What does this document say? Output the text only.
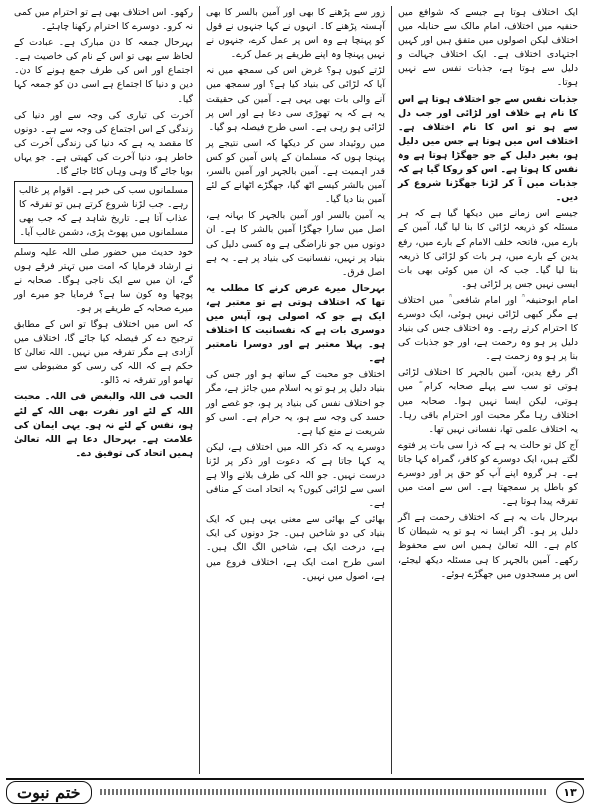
ایک اختلاف ہوتا ہے جیسے کہ شوافع میں حنفیہ میں اختلاف، امام مالک سے حنابلہ میں اختلاف لیکن اصولوں میں متفق ہیں اور کہیں اجتہادی اختلاف ہے۔ ایک اختلاف جہالت و دلیل سے ہوتا ہے، جذبات نفس سے نہیں ہوتا۔

جذبات نفس سے جو اختلاف ہوتا ہے اس کا نام ہے خلاف اور لڑائی اور جب دل سے ہو تو اس کا نام اختلاف ہے۔ اختلاف اس میں ہوتا ہے جس میں دلیل ہو، بغیر دلیل کے جو جھگڑا ہوتا ہے وہ نفس کا ہوتا ہے۔ اس کو روکا گیا ہے کہ جذبات میں آ کر لڑنا جھگڑنا شروع کر دیں۔

جیسے اس زمانے میں دیکھا گیا ہے کہ ہر مسئلہ کو ذریعہ لڑائی کا بنا لیا گیا، آمین کے بارے میں، فاتحہ خلف الامام کے بارے میں، رفع یدین کے بارے میں، ہر بات کو لڑائی کا ذریعہ بنا لیا گیا۔ جب کہ ان میں کوئی بھی بات ایسی نہیں جس پر لڑائی ہو۔

امام ابوحنیفہ ؒ اور امام شافعی ؒ میں اختلاف ہے مگر کبھی لڑائی نہیں ہوئی، ایک دوسرے کا احترام کرتے رہے۔ وہ اختلاف جس کی بنیاد دلیل پر ہو وہ رحمت ہے، اور جو جذبات کی بنا پر ہو وہ زحمت ہے۔

اگر رفع یدین، آمین بالجہر کا اختلاف لڑائی ہوتی تو سب سے پہلے صحابہ کرام ؓ میں ہوتی، لیکن ایسا نہیں ہوا۔ صحابہ میں اختلاف رہا مگر محبت اور احترام باقی رہا۔ یہ اختلاف علمی تھا، نفسانی نہیں تھا۔

آج کل تو حالت یہ ہے کہ ذرا سی بات پر فتوے لگتے ہیں، ایک دوسرے کو کافر، گمراہ کہا جاتا ہے۔ ہر گروہ اپنے آپ کو حق پر اور دوسرے کو باطل پر سمجھتا ہے۔ اس سے امت میں تفرقہ پیدا ہوتا ہے۔

بہرحال بات یہ ہے کہ اختلاف رحمت ہے اگر دلیل پر ہو۔ اگر ایسا نہ ہو تو یہ شیطان کا کام ہے۔ اللہ تعالیٰ ہمیں اس سے محفوظ رکھے۔ آمین بالجہر کا ہی مسئلہ دیکھ لیجئے، اس پر مسجدوں میں جھگڑے ہوئے۔

زور سے پڑھنے کا بھی اور آمین بالسر کا بھی آہستہ پڑھنے کا۔ انہوں نے کہا جنہوں نے قول کو پہنچا ہے وہ اس پر عمل کرے، جنہوں نے نہیں پہنچا وہ اپنے طریقے پر عمل کرے۔

لڑتے کیوں ہو؟ غرض اس کی سمجھ میں نہ آیا کہ لڑائی کی بنیاد کیا ہے؟ اور سمجھ میں آنے والی بات بھی یہی ہے۔ آمین کی حقیقت یہ ہے کہ یہ تھوڑی سی دعا ہے اور اس پر لڑائی ہو رہی ہے۔ اسی طرح فیصلہ ہو گیا۔

میں روئیداد سن کر دیکھا کہ اسی نتیجے پر پہنچا ہوں کہ مسلمان کے پاس آمین کو کس قدر اہمیت ہے۔ آمین بالجہر اور آمین بالسر، آمین بالشر کیسے اٹھ گیا، جھگڑے اٹھانے کے لئے آمین بنا دیا گیا۔

یہ آمین بالسر اور آمین بالجہر کا بہانہ ہے، اصل میں سارا جھگڑا آمین بالشر کا ہے۔ ان دونوں میں جو ناراضگی ہے وہ کسی دلیل کی بنیاد پر نہیں، نفسانیت کی بنیاد پر ہے۔ یہ ہے اصل فرق۔

بہرحال میرے عرض کرنے کا مطلب یہ تھا کہ اختلاف ہوتی ہے تو معتبر ہے، ایک ہے جو کہ اصولی ہو، آپس میں دوسری بات ہے کہ نفسانیت کا اختلاف ہو۔ پہلا معتبر ہے اور دوسرا نامعتبر ہے۔

اختلاف جو محبت کے ساتھ ہو اور جس کی بنیاد دلیل پر ہو تو یہ اسلام میں جائز ہے، مگر جو اختلاف نفس کی بنیاد پر ہو، جو غصے اور حسد کی وجہ سے ہو، یہ حرام ہے۔ اسی کو شریعت نے منع کیا ہے۔

دوسرے یہ کہ ذکر اللہ میں اختلاف ہے، لیکن یہ کہا جاتا ہے کہ دعوت اور ذکر پر لڑنا درست نہیں۔ جو اللہ کی طرف بلانے والا ہے اسی سے لڑائی کیوں؟ یہ اتحاد امت کے منافی ہے۔

بھائی کے بھائی سے معنی یہی ہیں کہ ایک بنیاد کی دو شاخیں ہیں۔ جڑ دونوں کی ایک ہے، درخت ایک ہے، شاخیں الگ الگ ہیں۔ اسی طرح امت ایک ہے، اختلاف فروع میں ہے، اصول میں نہیں۔

رکھو۔ اس اختلاف بھی ہے تو احترام میں کمی نہ کرو۔ دوسرے کا احترام رکھنا چاہئے۔

بہرحال جمعہ کا دن مبارک ہے۔ عبادت کے لحاظ سے بھی تو اس کے نام کی خاصیت ہے۔ اجتماع اور اس کی طرف جمع ہونے کا دن۔ دین و دنیا کا اجتماع ہے اسی دن کو جمعہ کہا گیا۔

آخرت کی تیاری کی وجہ سے اور دنیا کی زندگی کے اس اجتماع کی وجہ سے ہے۔ دونوں کا مقصد یہ ہے کہ دنیا کی زندگی آخرت کی خاطر ہو، دنیا آخرت کی کھیتی ہے۔ جو یہاں بویا جائے گا وہی وہاں کاٹا جائے گا۔

مسلمانوں سب کی خبر ہے۔ اقوام پر غالب رہے۔ جب لڑنا شروع کرتے ہیں تو تفرقہ کا عذاب آتا ہے۔ تاریخ شاہد ہے کہ جب بھی مسلمانوں میں پھوٹ پڑی، دشمن غالب آیا۔

خود حدیث میں حضور صلی اللہ علیہ وسلم نے ارشاد فرمایا کہ امت میں تہتر فرقے ہوں گے، ان میں سے ایک ناجی ہوگا۔ صحابہ نے پوچھا وہ کون سا ہے؟ فرمایا جو میرے اور میرے صحابہ کے طریقے پر ہو۔

کہ اس میں اختلاف ہوگا تو اس کے مطابق ترجیح دے کر فیصلہ کیا جائے گا، اختلاف میں آزادی ہے مگر تفرقہ میں نہیں۔ اللہ تعالیٰ کا حکم ہے کہ اللہ کی رسی کو مضبوطی سے تھامو اور تفرقہ نہ ڈالو۔

الحب فی اللہ والبغض فی اللہ۔ محبت اللہ کے لئے اور نفرت بھی اللہ کے لئے ہو، نفس کے لئے نہ ہو۔ یہی ایمان کی علامت ہے۔ بہرحال دعا ہے اللہ تعالیٰ ہمیں اتحاد کی توفیق دے۔

ختم نبوت	۱۳
